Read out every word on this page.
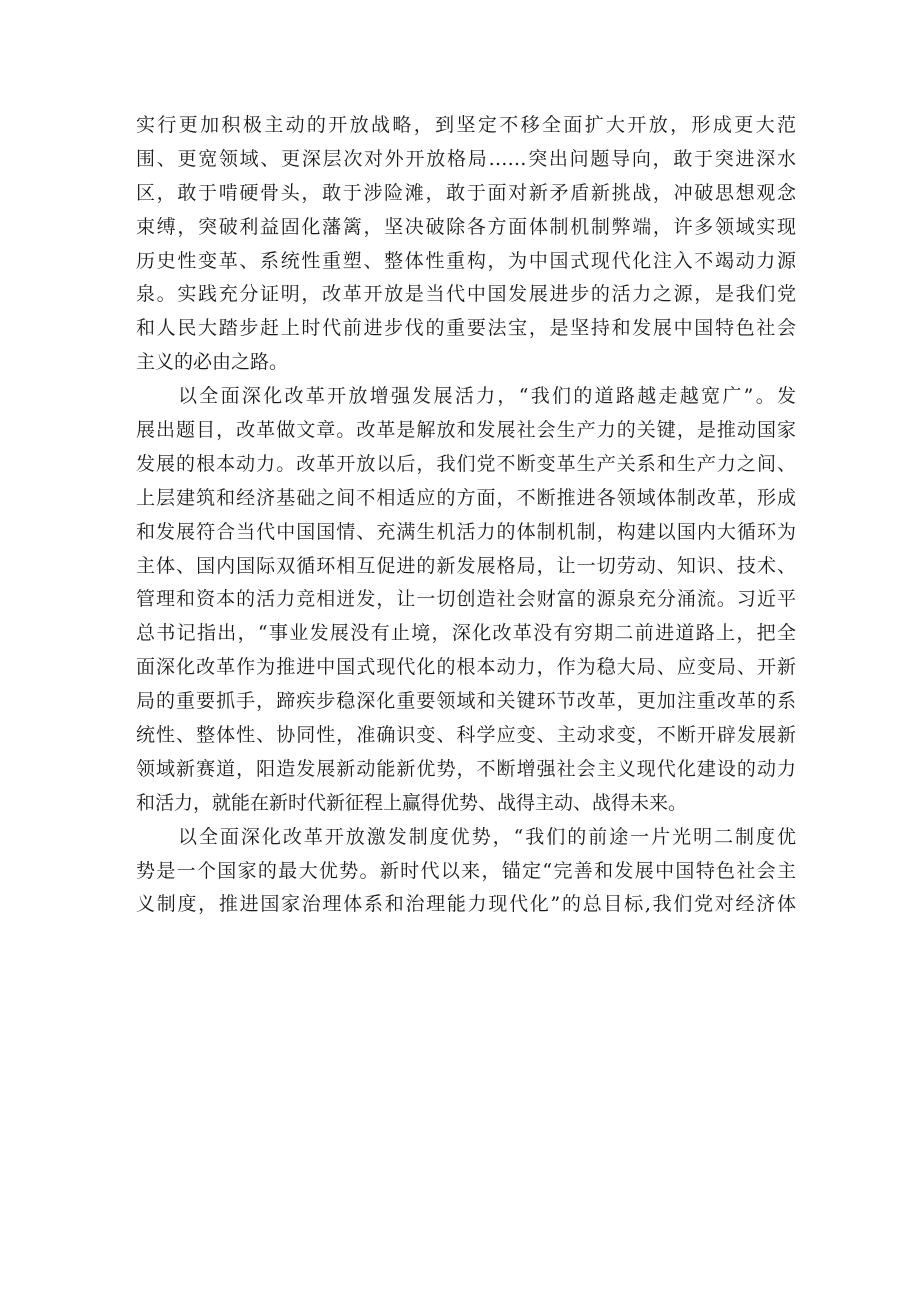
实行更加积极主动的开放战略，到坚定不移全面扩大开放，形成更大范
围、更宽领域、更深层次对外开放格局……突出问题导向，敢于突进深水
区，敢于啃硬骨头，敢于涉险滩，敢于面对新矛盾新挑战，冲破思想观念
束缚，突破利益固化藩篱，坚决破除各方面体制机制弊端，许多领域实现
历史性变革、系统性重塑、整体性重构，为中国式现代化注入不竭动力源
泉。实践充分证明，改革开放是当代中国发展进步的活力之源，是我们党
和人民大踏步赶上时代前进步伐的重要法宝，是坚持和发展中国特色社会
主义的必由之路。
以全面深化改革开放增强发展活力，“我们的道路越走越宽广”。发
展出题目，改革做文章。改革是解放和发展社会生产力的关键，是推动国家
发展的根本动力。改革开放以后，我们党不断变革生产关系和生产力之间、
上层建筑和经济基础之间不相适应的方面，不断推进各领域体制改革，形成
和发展符合当代中国国情、充满生机活力的体制机制，构建以国内大循环为
主体、国内国际双循环相互促进的新发展格局，让一切劳动、知识、技术、
管理和资本的活力竞相迸发，让一切创造社会财富的源泉充分涌流。习近平
总书记指出，“事业发展没有止境，深化改革没有穷期二前进道路上，把全
面深化改革作为推进中国式现代化的根本动力，作为稳大局、应变局、开新
局的重要抓手，蹄疾步稳深化重要领域和关键环节改革，更加注重改革的系
统性、整体性、协同性，准确识变、科学应变、主动求变，不断开辟发展新
领域新赛道，阳造发展新动能新优势，不断增强社会主义现代化建设的动力
和活力，就能在新时代新征程上赢得优势、战得主动、战得未来。
以全面深化改革开放激发制度优势，“我们的前途一片光明二制度优
势是一个国家的最大优势。新时代以来，锚定“完善和发展中国特色社会主
义制度，推进国家治理体系和治理能力现代化”的总目标,我们党对经济体
